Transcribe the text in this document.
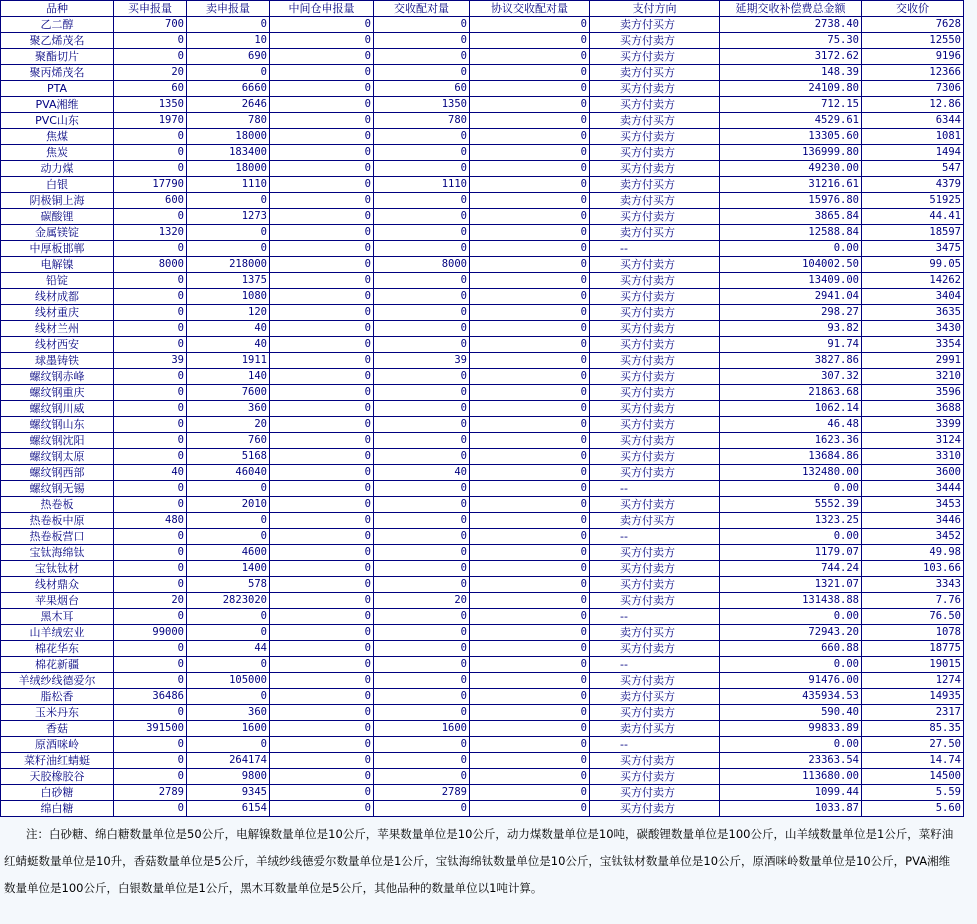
品种	买申报量	卖申报量	中间仓申报量	交收配对量	协议交收配对量	支付方向	延期交收补偿费总金额	交收价
乙二醇	700	0	0	0	0	卖方付买方	2738.40	7628
聚乙烯茂名	0	10	0	0	0	买方付卖方	75.30	12550
聚酯切片	0	690	0	0	0	买方付卖方	3172.62	9196
聚丙烯茂名	20	0	0	0	0	卖方付买方	148.39	12366
PTA	60	6660	0	60	0	买方付卖方	24109.80	7306
PVA湘维	1350	2646	0	1350	0	买方付卖方	712.15	12.86
PVC山东	1970	780	0	780	0	卖方付买方	4529.61	6344
焦煤	0	18000	0	0	0	买方付卖方	13305.60	1081
焦炭	0	183400	0	0	0	买方付卖方	136999.80	1494
动力煤	0	18000	0	0	0	买方付卖方	49230.00	547
白银	17790	1110	0	1110	0	卖方付买方	31216.61	4379
阴极铜上海	600	0	0	0	0	卖方付买方	15976.80	51925
碳酸锂	0	1273	0	0	0	买方付卖方	3865.84	44.41
金属镁锭	1320	0	0	0	0	卖方付买方	12588.84	18597
中厚板邯郸	0	0	0	0	0	--	0.00	3475
电解镍	8000	218000	0	8000	0	买方付卖方	104002.50	99.05
铅锭	0	1375	0	0	0	买方付卖方	13409.00	14262
线材成都	0	1080	0	0	0	买方付卖方	2941.04	3404
线材重庆	0	120	0	0	0	买方付卖方	298.27	3635
线材兰州	0	40	0	0	0	买方付卖方	93.82	3430
线材西安	0	40	0	0	0	买方付卖方	91.74	3354
球墨铸铁	39	1911	0	39	0	买方付卖方	3827.86	2991
螺纹钢赤峰	0	140	0	0	0	买方付卖方	307.32	3210
螺纹钢重庆	0	7600	0	0	0	买方付卖方	21863.68	3596
螺纹钢川威	0	360	0	0	0	买方付卖方	1062.14	3688
螺纹钢山东	0	20	0	0	0	买方付卖方	46.48	3399
螺纹钢沈阳	0	760	0	0	0	买方付卖方	1623.36	3124
螺纹钢太原	0	5168	0	0	0	买方付卖方	13684.86	3310
螺纹钢西部	40	46040	0	40	0	买方付卖方	132480.00	3600
螺纹钢无锡	0	0	0	0	0	--	0.00	3444
热卷板	0	2010	0	0	0	买方付卖方	5552.39	3453
热卷板中原	480	0	0	0	0	卖方付买方	1323.25	3446
热卷板营口	0	0	0	0	0	--	0.00	3452
宝钛海绵钛	0	4600	0	0	0	买方付卖方	1179.07	49.98
宝钛钛材	0	1400	0	0	0	买方付卖方	744.24	103.66
线材鼎众	0	578	0	0	0	买方付卖方	1321.07	3343
苹果烟台	20	2823020	0	20	0	买方付卖方	131438.88	7.76
黑木耳	0	0	0	0	0	--	0.00	76.50
山羊绒宏业	99000	0	0	0	0	卖方付买方	72943.20	1078
棉花华东	0	44	0	0	0	买方付卖方	660.88	18775
棉花新疆	0	0	0	0	0	--	0.00	19015
羊绒纱线德爱尔	0	105000	0	0	0	买方付卖方	91476.00	1274
脂松香	36486	0	0	0	0	卖方付买方	435934.53	14935
玉米丹东	0	360	0	0	0	买方付卖方	590.40	2317
香菇	391500	1600	0	1600	0	卖方付买方	99833.89	85.35
原酒咪岭	0	0	0	0	0	--	0.00	27.50
菜籽油红蜻蜓	0	264174	0	0	0	买方付卖方	23363.54	14.74
天胶橡胶谷	0	9800	0	0	0	买方付卖方	113680.00	14500
白砂糖	2789	9345	0	2789	0	买方付卖方	1099.44	5.59
绵白糖	0	6154	0	0	0	买方付卖方	1033.87	5.60
注：白砂糖、绵白糖数量单位是50公斤，电解镍数量单位是10公斤，苹果数量单位是10公斤，动力煤数量单位是10吨，碳酸锂数量单位是100公斤，山羊绒数量单位是1公斤，菜籽油红蜻蜓数量单位是10升，香菇数量单位是5公斤，羊绒纱线德爱尔数量单位是1公斤，宝钛海绵钛数量单位是10公斤，宝钛钛材数量单位是10公斤，原酒咪岭数量单位是10公斤，PVA湘维数量单位是100公斤，白银数量单位是1公斤，黑木耳数量单位是5公斤，其他品种的数量单位以1吨计算。
